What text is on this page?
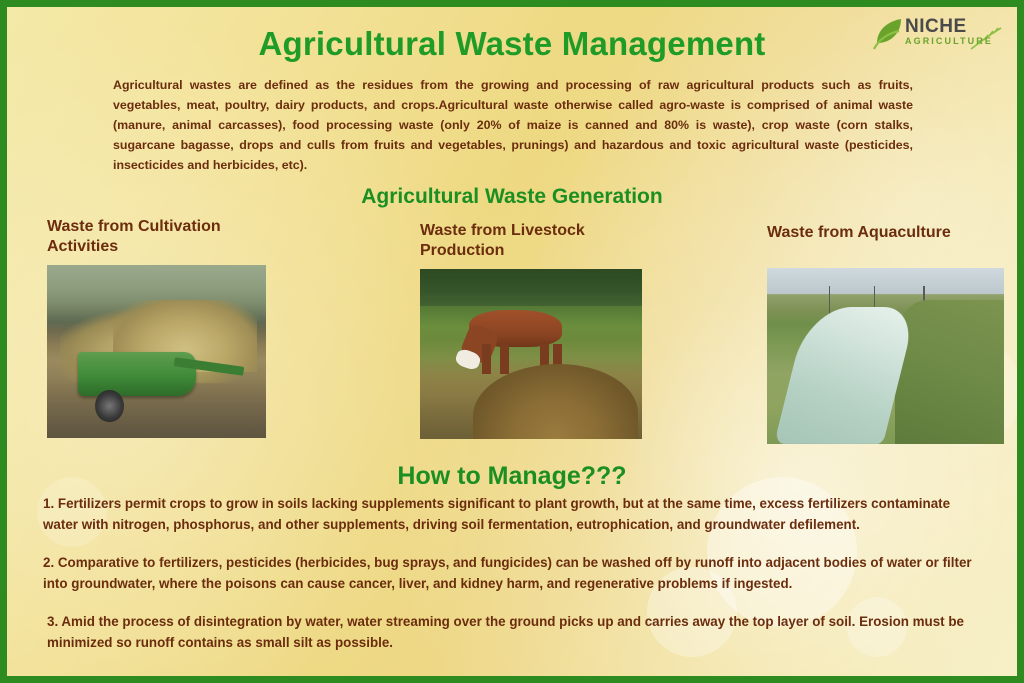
NICHE
AGRICULTURE
Agricultural Waste Management
Agricultural wastes are defined as the residues from the growing and processing of raw agricultural products such as fruits, vegetables, meat, poultry, dairy products, and crops.Agricultural waste otherwise called agro-waste is comprised of animal waste (manure, animal carcasses), food processing waste (only 20% of maize is canned and 80% is waste), crop waste (corn stalks, sugarcane bagasse, drops and culls from fruits and vegetables, prunings) and hazardous and toxic agricultural waste (pesticides, insecticides and herbicides, etc).
Agricultural Waste Generation
Waste from Cultivation Activities
Waste from Livestock Production
Waste from Aquaculture
How to Manage???
1. Fertilizers permit crops to grow in soils lacking supplements significant to plant growth, but at the same time, excess fertilizers contaminate water with nitrogen, phosphorus, and other supplements, driving soil fermentation, eutrophication, and groundwater defilement.
2. Comparative to fertilizers, pesticides (herbicides, bug sprays, and fungicides) can be washed off by runoff into adjacent bodies of water or filter into groundwater, where the poisons can cause cancer, liver, and kidney harm, and regenerative problems if ingested.
3. Amid the process of disintegration by water, water streaming over the ground picks up and carries away the top layer of soil. Erosion must be minimized so runoff contains as small silt as possible.
